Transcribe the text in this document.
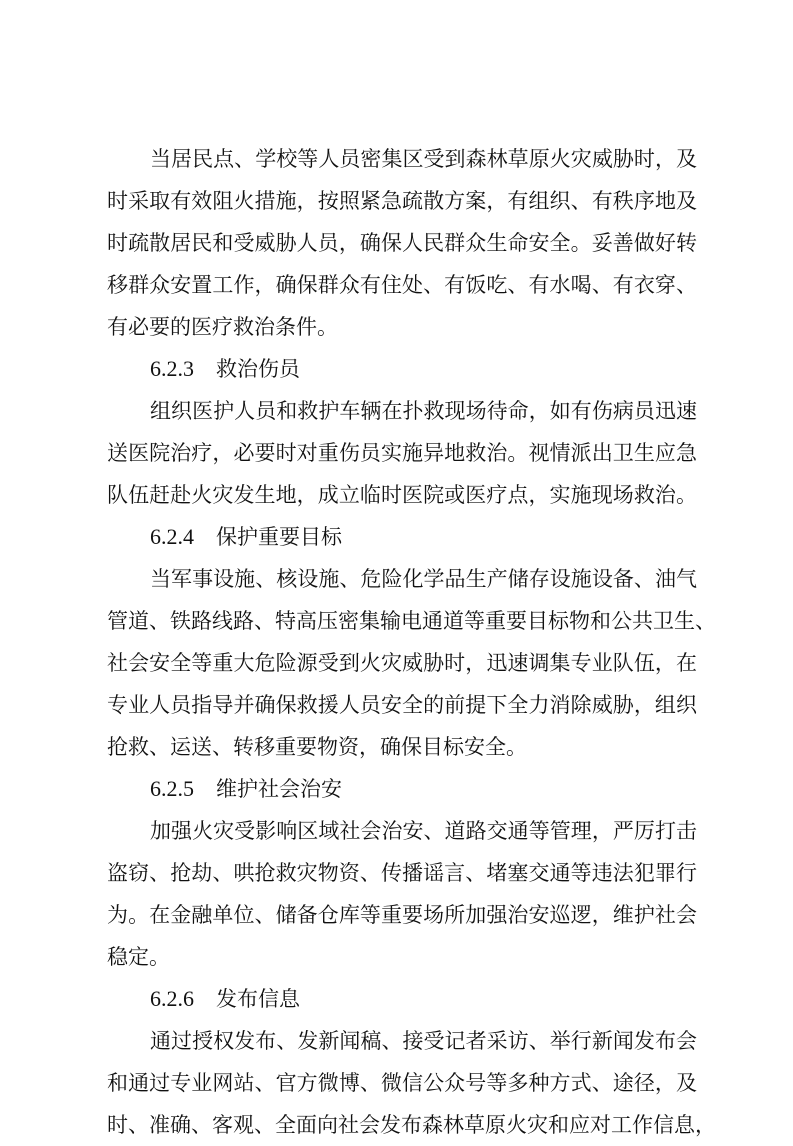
当居民点、学校等人员密集区受到森林草原火灾威胁时，及
时采取有效阻火措施，按照紧急疏散方案，有组织、有秩序地及
时疏散居民和受威胁人员，确保人民群众生命安全。妥善做好转
移群众安置工作，确保群众有住处、有饭吃、有水喝、有衣穿、
有必要的医疗救治条件。
6.2.3 救治伤员
组织医护人员和救护车辆在扑救现场待命，如有伤病员迅速
送医院治疗，必要时对重伤员实施异地救治。视情派出卫生应急
队伍赶赴火灾发生地，成立临时医院或医疗点，实施现场救治。
6.2.4 保护重要目标
当军事设施、核设施、危险化学品生产储存设施设备、油气
管道、铁路线路、特高压密集输电通道等重要目标物和公共卫生、
社会安全等重大危险源受到火灾威胁时，迅速调集专业队伍，在
专业人员指导并确保救援人员安全的前提下全力消除威胁，组织
抢救、运送、转移重要物资，确保目标安全。
6.2.5 维护社会治安
加强火灾受影响区域社会治安、道路交通等管理，严厉打击
盗窃、抢劫、哄抢救灾物资、传播谣言、堵塞交通等违法犯罪行
为。在金融单位、储备仓库等重要场所加强治安巡逻，维护社会
稳定。
6.2.6 发布信息
通过授权发布、发新闻稿、接受记者采访、举行新闻发布会
和通过专业网站、官方微博、微信公众号等多种方式、途径，及
时、准确、客观、全面向社会发布森林草原火灾和应对工作信息，
